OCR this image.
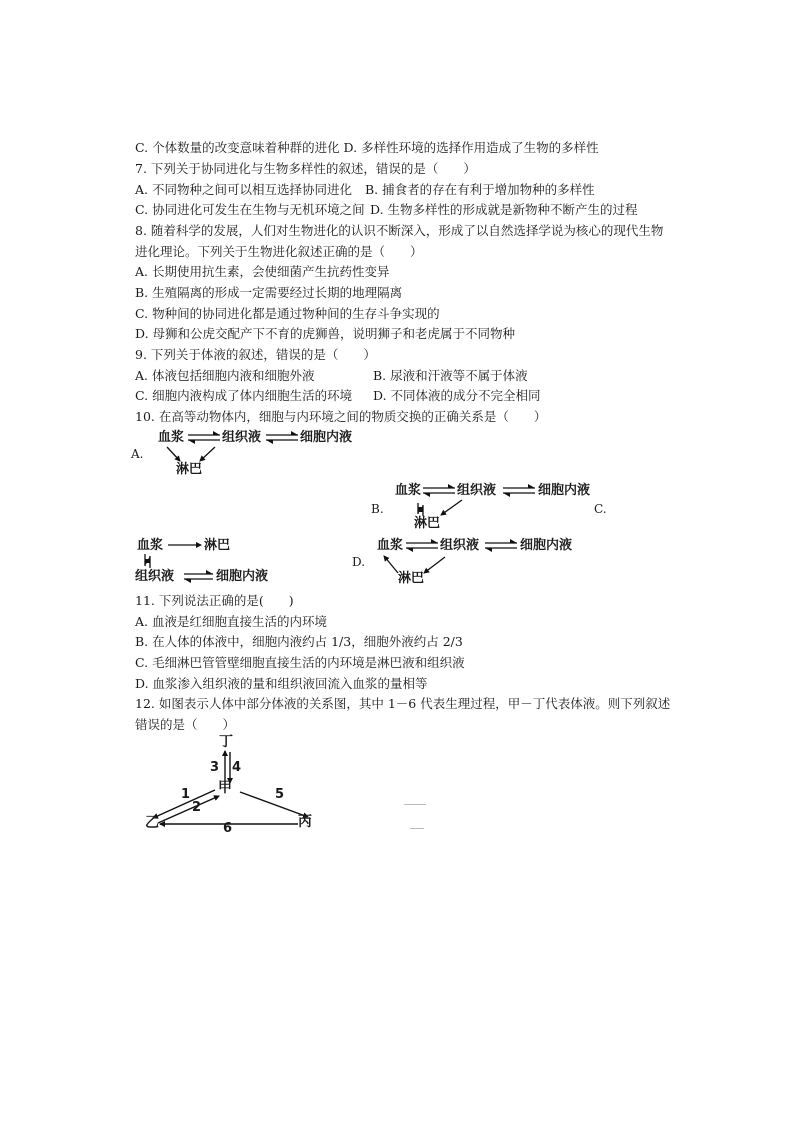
C. 个体数量的改变意味着种群的进化 D. 多样性环境的选择作用造成了生物的多样性
7. 下列关于协同进化与生物多样性的叙述，错误的是（　　）
A. 不同物种之间可以相互选择协同进化 B. 捕食者的存在有利于增加物种的多样性
C. 协同进化可发生在生物与无机环境之间 D. 生物多样性的形成就是新物种不断产生的过程
8. 随着科学的发展，人们对生物进化的认识不断深入，形成了以自然选择学说为核心的现代生物
进化理论。下列关于生物进化叙述正确的是（　　）
A. 长期使用抗生素，会使细菌产生抗药性变异
B. 生殖隔离的形成一定需要经过长期的地理隔离
C. 物种间的协同进化都是通过物种间的生存斗争实现的
D. 母狮和公虎交配产下不育的虎狮兽，说明狮子和老虎属于不同物种
9. 下列关于体液的叙述，错误的是（　　）
A. 体液包括细胞内液和细胞外液	B. 尿液和汗液等不属于体液
C. 细胞内液构成了体内细胞生活的环境 D. 不同体液的成分不完全相同
10. 在高等动物体内，细胞与内环境之间的物质交换的正确关系是（　　）
A.
血浆	组织液	细胞内液
淋巴
B.
血浆	组织液	细胞内液
淋巴
C.
血浆	淋巴
组织液	细胞内液
D.
血浆	组织液	细胞内液
淋巴
11. 下列说法正确的是(　　)
A. 血液是红细胞直接生活的内环境
B. 在人体的体液中，细胞内液约占 1/3，细胞外液约占 2/3
C. 毛细淋巴管管壁细胞直接生活的内环境是淋巴液和组织液
D. 血浆渗入组织液的量和组织液回流入血浆的量相等
12. 如图表示人体中部分体液的关系图，其中 1－6 代表生理过程，甲－丁代表体液。则下列叙述
错误的是（　　）
丁
甲
乙	丙
3 4
1
2
5
6
